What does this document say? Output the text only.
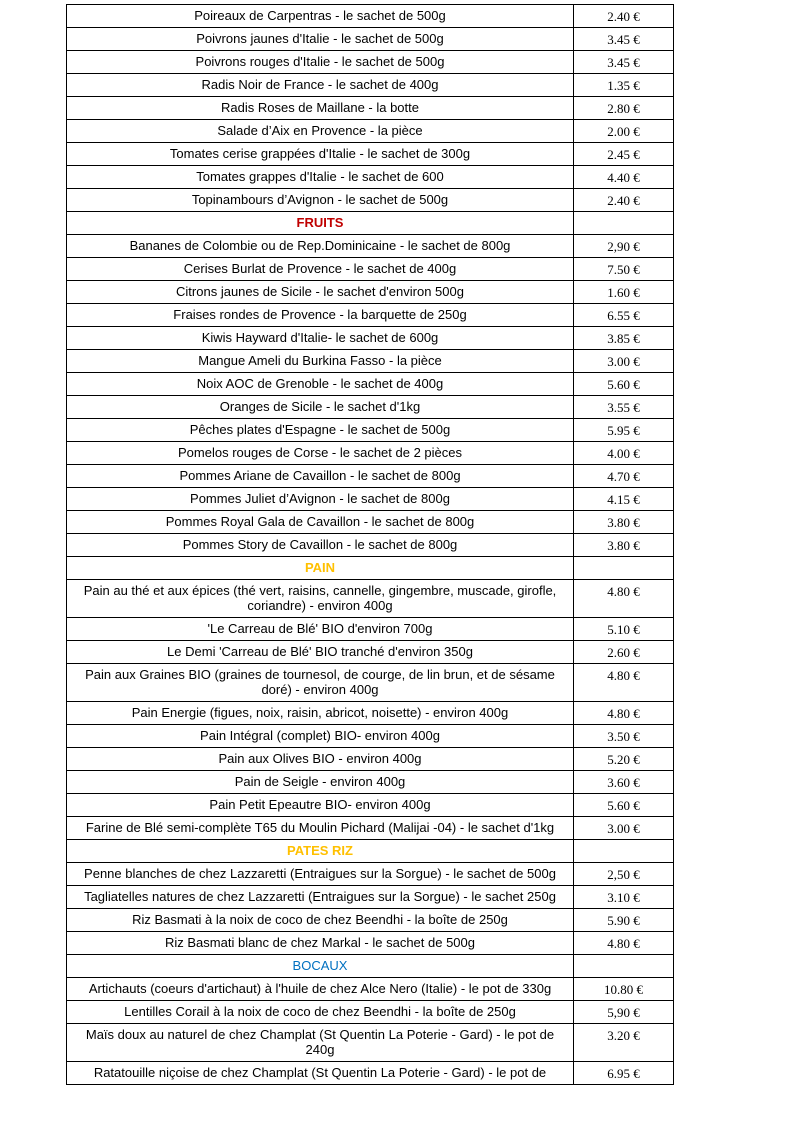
Poireaux de Carpentras - le sachet de 500g	2.40 €
Poivrons jaunes d'Italie - le sachet de 500g	3.45 €
Poivrons rouges d'Italie - le sachet de 500g	3.45 €
Radis Noir de France - le sachet de 400g	1.35 €
Radis Roses de Maillane - la botte	2.80 €
Salade d’Aix en Provence - la pièce	2.00 €
Tomates cerise grappées d'Italie - le sachet de 300g	2.45 €
Tomates grappes d'Italie - le sachet de 600	4.40 €
Topinambours d’Avignon - le sachet de 500g	2.40 €
FRUITS	
Bananes de Colombie ou de Rep.Dominicaine - le sachet de 800g	2,90 €
Cerises Burlat de Provence - le sachet de 400g	7.50 €
Citrons jaunes de Sicile - le sachet d'environ 500g	1.60 €
Fraises rondes de Provence - la barquette de 250g	6.55 €
Kiwis Hayward d'Italie- le sachet de 600g	3.85 €
Mangue Ameli du Burkina Fasso - la pièce	3.00 €
Noix AOC de Grenoble - le sachet de 400g	5.60 €
Oranges de Sicile - le sachet d'1kg	3.55 €
Pêches plates d'Espagne - le sachet de 500g	5.95 €
Pomelos rouges de Corse - le sachet de 2 pièces	4.00 €
Pommes Ariane de Cavaillon - le sachet de 800g	4.70 €
Pommes Juliet d’Avignon - le sachet de 800g	4.15 €
Pommes Royal Gala de Cavaillon - le sachet de 800g	3.80 €
Pommes Story de Cavaillon - le sachet de 800g	3.80 €
PAIN	
Pain au thé et aux épices (thé vert, raisins, cannelle, gingembre, muscade, girofle, coriandre) - environ 400g	4.80 €
'Le Carreau de Blé' BIO d'environ 700g	5.10 €
Le Demi 'Carreau de Blé' BIO tranché d'environ 350g	2.60 €
Pain aux Graines BIO (graines de tournesol, de courge, de lin brun, et de sésame doré) - environ 400g	4.80 €
Pain Energie (figues, noix, raisin, abricot, noisette) - environ 400g	4.80 €
Pain Intégral (complet) BIO- environ 400g	3.50 €
Pain aux Olives BIO - environ 400g	5.20 €
Pain de Seigle - environ 400g	3.60 €
Pain Petit Epeautre BIO- environ 400g	5.60 €
Farine de Blé semi-complète T65 du Moulin Pichard (Malijai -04) - le sachet d'1kg	3.00 €
PATES RIZ	
Penne blanches de chez Lazzaretti (Entraigues sur la Sorgue) - le sachet de 500g	2,50 €
Tagliatelles natures de chez Lazzaretti (Entraigues sur la Sorgue) - le sachet 250g	3.10 €
Riz Basmati à la noix de coco de chez Beendhi - la boîte de 250g	5.90 €
Riz Basmati blanc de chez Markal - le sachet de 500g	4.80 €
BOCAUX	
Artichauts (coeurs d'artichaut) à l'huile de chez Alce Nero (Italie) - le pot de 330g	10.80 €
Lentilles Corail à la noix de coco de chez Beendhi - la boîte de 250g	5,90 €
Maïs doux au naturel de chez Champlat (St Quentin La Poterie - Gard) - le pot de 240g	3.20 €
Ratatouille niçoise de chez Champlat (St Quentin La Poterie - Gard) - le pot de	6.95 €
